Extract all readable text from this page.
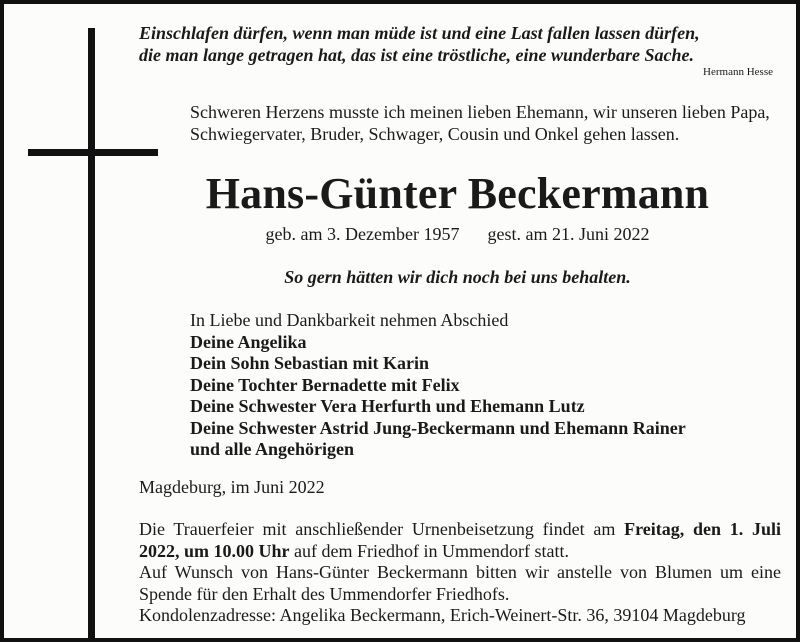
Einschlafen dürfen, wenn man müde ist und eine Last fallen lassen dürfen,
die man lange getragen hat, das ist eine tröstliche, eine wunderbare Sache.
Hermann Hesse
Schweren Herzens musste ich meinen lieben Ehemann, wir unseren lieben Papa,
Schwiegervater, Bruder, Schwager, Cousin und Onkel gehen lassen.
Hans-Günter Beckermann
geb. am 3. Dezember 1957 gest. am 21. Juni 2022
So gern hätten wir dich noch bei uns behalten.
In Liebe und Dankbarkeit nehmen Abschied
Deine Angelika
Dein Sohn Sebastian mit Karin
Deine Tochter Bernadette mit Felix
Deine Schwester Vera Herfurth und Ehemann Lutz
Deine Schwester Astrid Jung-Beckermann und Ehemann Rainer
und alle Angehörigen
Magdeburg, im Juni 2022
Die Trauerfeier mit anschließender Urnenbeisetzung findet am Freitag, den 1. Juli 2022, um 10.00 Uhr auf dem Friedhof in Ummendorf statt.
Auf Wunsch von Hans-Günter Beckermann bitten wir anstelle von Blumen um eine Spende für den Erhalt des Ummendorfer Friedhofs.
Kondolenzadresse: Angelika Beckermann, Erich-Weinert-Str. 36, 39104 Magdeburg
